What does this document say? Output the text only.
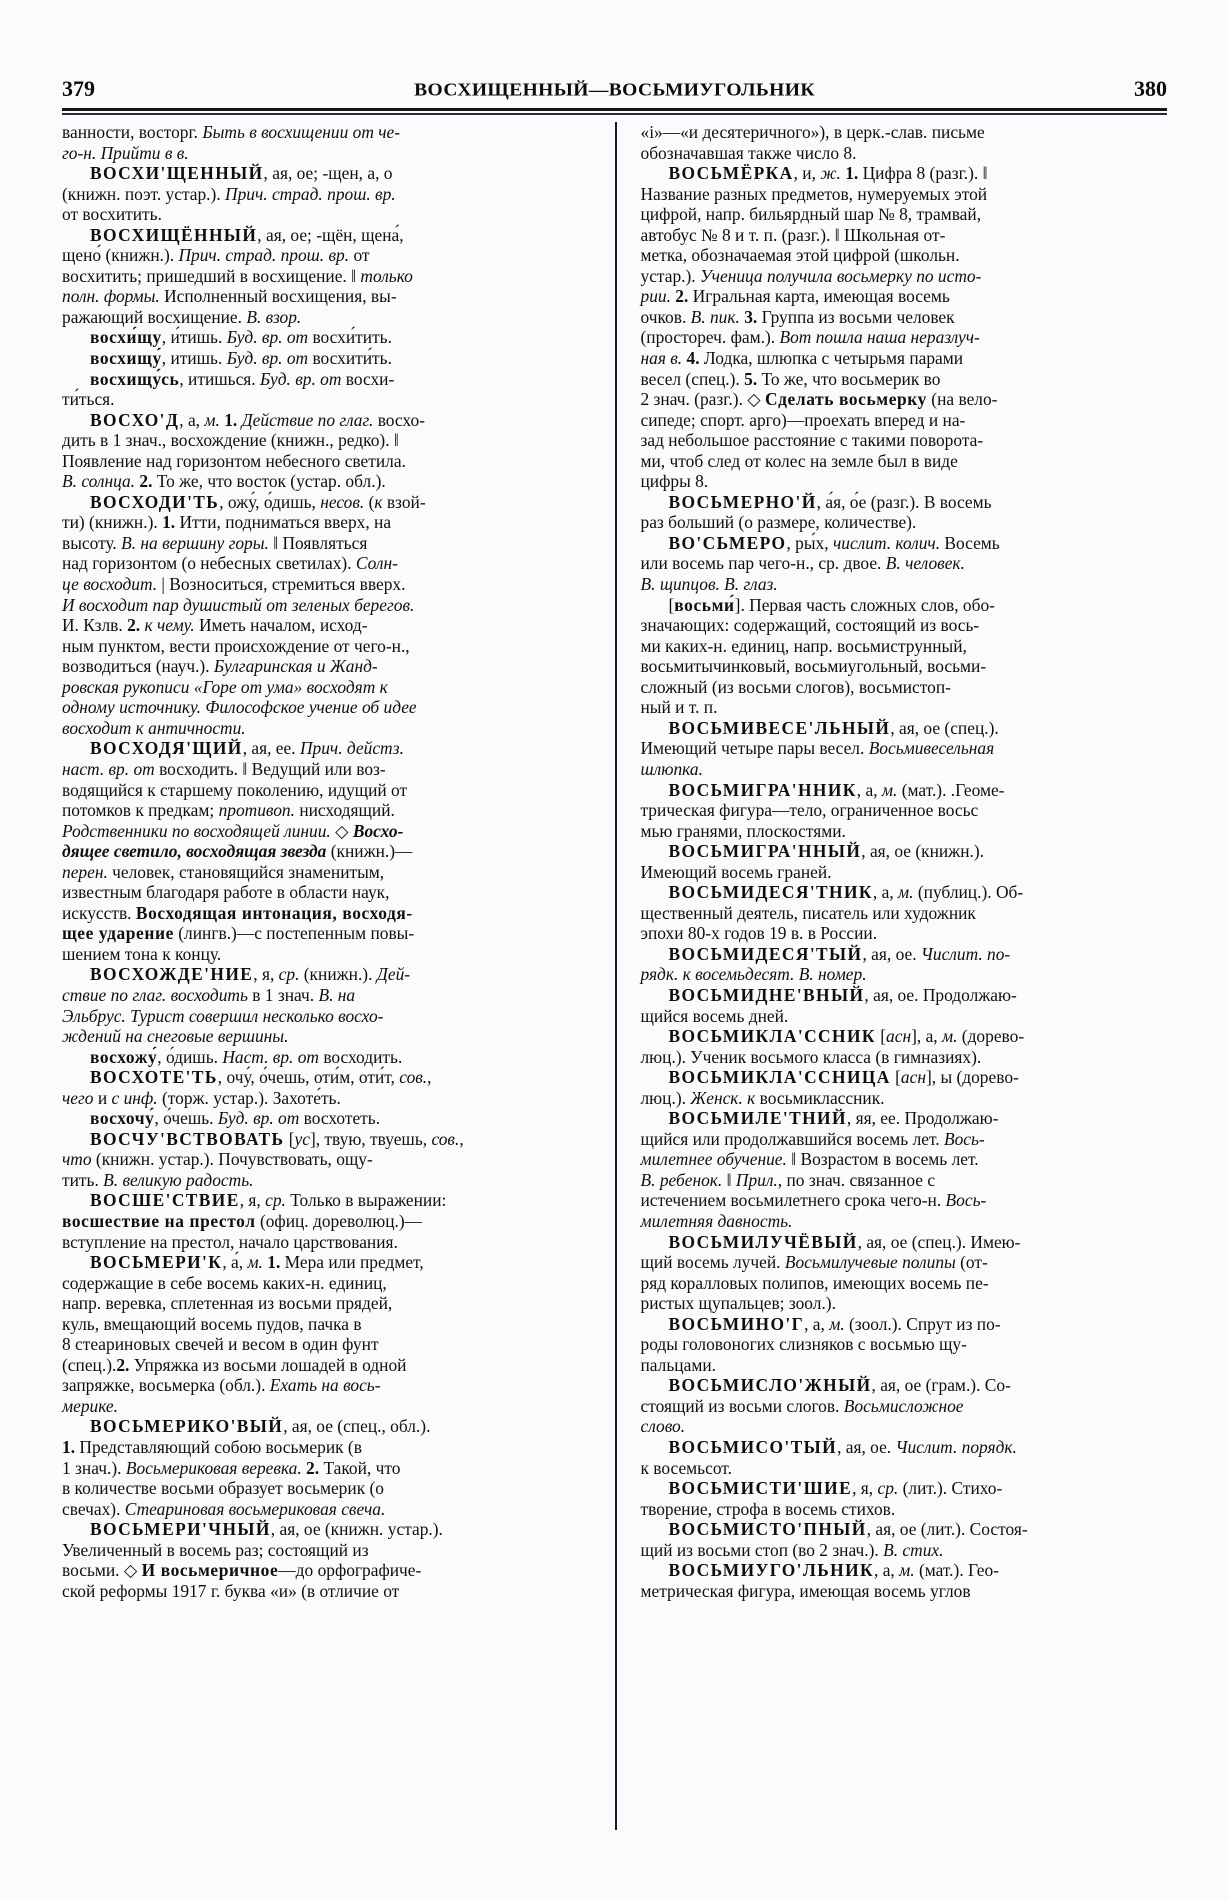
379	ВОСХИЩЕННЫЙ—ВОСЬМИУГОЛЬНИК	380

ванности, восторг. Быть в восхищении от че-
го-н. Прийти в в.

ВОСХИ'ЩЕННЫЙ, ая, ое; -щен, а, о
(книжн. поэт. устар.). Прич. страд. прош. вр.
от восхитить.

ВОСХИЩЁННЫЙ, ая, ое; -щён, щена́,
щено́ (книжн.). Прич. страд. прош. вр. от
восхитить; пришедший в восхищение. ‖ только
полн. формы. Исполненный восхищения, вы-
ражающий восхищение. В. взор.

восхи́щу, и́тишь. Буд. вр. от восхи́тить.

восхищу́, итишь. Буд. вр. от восхити́ть.

восхищу́сь, итишься. Буд. вр. от восхи-
ти́ться.

ВОСХО'Д, а, м. 1. Действие по глаг. восхо-
дить в 1 знач., восхождение (книжн., редко). ‖
Появление над горизонтом небесного светила.
В. солнца. 2. То же, что восток (устар. обл.).

ВОСХОДИ'ТЬ, ожу́, о́дишь, несов. (к взой-
ти) (книжн.). 1. Итти, подниматься вверх, на
высоту. В. на вершину горы. ‖ Появляться
над горизонтом (о небесных светилах). Солн-
це восходит. | Возноситься, стремиться вверх.
И восходит пар душистый от зеленых берегов.
И. Кзлв. 2. к чему. Иметь началом, исход-
ным пунктом, вести происхождение от чего-н.,
возводиться (науч.). Булгаринская и Жанд-
ровская рукописи «Горе от ума» восходят к
одному источнику. Философское учение об идее
восходит к античности.

ВОСХОДЯ'ЩИЙ, ая, ее. Прич. дейстз.
наст. вр. от восходить. ‖ Ведущий или воз-
водящийся к старшему поколению, идущий от
потомков к предкам; противоп. нисходящий.
Родственники по восходящей линии. ◇ Восхо-
дящее светило, восходящая звезда (книжн.)—
перен. человек, становящийся знаменитым,
известным благодаря работе в области наук,
искусств. Восходящая интонация, восходя-
щее ударение (лингв.)—с постепенным повы-
шением тона к концу.

ВОСХОЖДЕ'НИЕ, я, ср. (книжн.). Дей-
ствие по глаг. восходить в 1 знач. В. на
Эльбрус. Турист совершил несколько восхо-
ждений на снеговые вершины.

восхожу́, о́дишь. Наст. вр. от восходить.

ВОСХОТЕ'ТЬ, очу́, о́чешь, оти́м, оти́т, сов.,
чего и с инф. (торж. устар.). Захоте́ть.

восхочу́, о́чешь. Буд. вр. от восхотеть.

ВОСЧУ'ВСТВОВАТЬ [ус], твую, твуешь, сов.,
что (книжн. устар.). Почувствовать, ощу-
тить. В. великую радость.

ВОСШЕ'СТВИЕ, я, ср. Только в выражении:
восшествие на престол (офиц. дореволюц.)—
вступление на престол, начало царствования.

ВОСЬМЕРИ'К, а́, м. 1. Мера или предмет,
содержащие в себе восемь каких-н. единиц,
напр. веревка, сплетенная из восьми прядей,
куль, вмещающий восемь пудов, пачка в
8 стеариновых свечей и весом в один фунт
(спец.).2. Упряжка из восьми лошадей в одной
запряжке, восьмерка (обл.). Ехать на вось-
мерике.

ВОСЬМЕРИКО'ВЫЙ, ая, ое (спец., обл.).
1. Представляющий собою восьмерик (в
1 знач.). Восьмериковая веревка. 2. Такой, что
в количестве восьми образует восьмерик (о
свечах). Стеариновая восьмериковая свеча.

ВОСЬМЕРИ'ЧНЫЙ, ая, ое (книжн. устар.).
Увеличенный в восемь раз; состоящий из
восьми. ◇ И восьмеричное—до орфографиче-
ской реформы 1917 г. буква «и» (в отличие от

«i»—«и десятеричного»), в церк.-слав. письме
обозначавшая также число 8.

ВОСЬМЁРКА, и, ж. 1. Цифра 8 (разг.). ‖
Название разных предметов, нумеруемых этой
цифрой, напр. бильярдный шар № 8, трамвай,
автобус № 8 и т. п. (разг.). ‖ Школьная от-
метка, обозначаемая этой цифрой (школьн.
устар.). Ученица получила восьмерку по исто-
рии. 2. Игральная карта, имеющая восемь
очков. В. пик. 3. Группа из восьми человек
(простореч. фам.). Вот пошла наша неразлуч-
ная в. 4. Лодка, шлюпка с четырьмя парами
весел (спец.). 5. То же, что восьмерик во
2 знач. (разг.). ◇ Сделать восьмерку (на вело-
сипеде; спорт. арго)—проехать вперед и на-
зад небольшое расстояние с такими поворота-
ми, чтоб след от колес на земле был в виде
цифры 8.

ВОСЬМЕРНО'Й, а́я, о́е (разг.). В восемь
раз больший (о размере, количестве).

ВО'СЬМЕРО, ры́х, числит. колич. Восемь
или восемь пар чего-н., ср. двое. В. человек.
В. щипцов. В. глаз.

[восьми́]. Первая часть сложных слов, обо-
значающих: содержащий, состоящий из вось-
ми каких-н. единиц, напр. восьмиструнный,
восьмитычинковый, восьмиугольный, восьми-
сложный (из восьми слогов), восьмистоп-
ный и т. п.

ВОСЬМИВЕСЕ'ЛЬНЫЙ, ая, ое (спец.).
Имеющий четыре пары весел. Восьмивесельная
шлюпка.

ВОСЬМИГРА'ННИК, а, м. (мат.). .Геоме-
трическая фигура—тело, ограниченное восьс
мью гранями, плоскостями.

ВОСЬМИГРА'ННЫЙ, ая, ое (книжн.).
Имеющий восемь граней.

ВОСЬМИДЕСЯ'ТНИК, а, м. (публиц.). Об-
щественный деятель, писатель или художник
эпохи 80-х годов 19 в. в России.

ВОСЬМИДЕСЯ'ТЫЙ, ая, ое. Числит. по-
рядк. к восемьдесят. В. номер.

ВОСЬМИДНЕ'ВНЫЙ, ая, ое. Продолжаю-
щийся восемь дней.

ВОСЬМИКЛА'ССНИК [асн], а, м. (дорево-
люц.). Ученик восьмого класса (в гимназиях).

ВОСЬМИКЛА'ССНИЦА [асн], ы (дорево-
люц.). Женск. к восьмиклассник.

ВОСЬМИЛЕ'ТНИЙ, яя, ее. Продолжаю-
щийся или продолжавшийся восемь лет. Вось-
милетнее обучение. ‖ Возрастом в восемь лет.
В. ребенок. ‖ Прил., по знач. связанное с
истечением восьмилетнего срока чего-н. Вось-
милетняя давность.

ВОСЬМИЛУЧЁВЫЙ, ая, ое (спец.). Имею-
щий восемь лучей. Восьмилучевые полипы (от-
ряд коралловых полипов, имеющих восемь пе-
ристых щупальцев; зоол.).

ВОСЬМИНО'Г, а, м. (зоол.). Спрут из по-
роды головоногих слизняков с восьмью щу-
пальцами.

ВОСЬМИСЛО'ЖНЫЙ, ая, ое (грам.). Со-
стоящий из восьми слогов. Восьмисложное
слово.

ВОСЬМИСО'ТЫЙ, ая, ое. Числит. порядк.
к восемьсот.

ВОСЬМИСТИ'ШИЕ, я, ср. (лит.). Стихо-
творение, строфа в восемь стихов.

ВОСЬМИСТО'ПНЫЙ, ая, ое (лит.). Состоя-
щий из восьми стоп (во 2 знач.). В. стих.

ВОСЬМИУГО'ЛЬНИК, а, м. (мат.). Гео-
метрическая фигура, имеющая восемь углов
